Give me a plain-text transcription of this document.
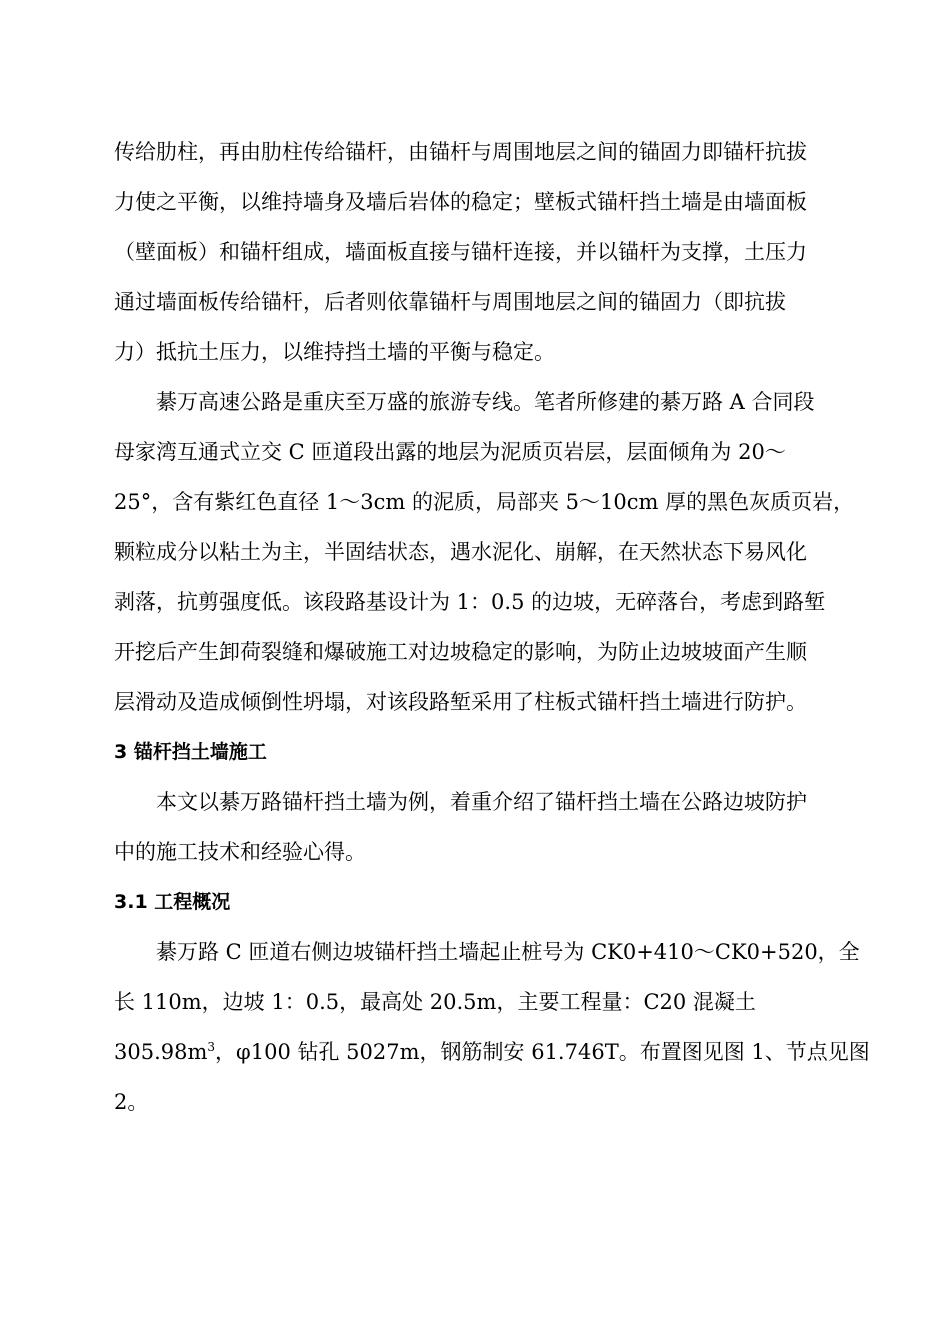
传给肋柱，再由肋柱传给锚杆，由锚杆与周围地层之间的锚固力即锚杆抗拔
力使之平衡，以维持墙身及墙后岩体的稳定；壁板式锚杆挡土墙是由墙面板
（壁面板）和锚杆组成，墙面板直接与锚杆连接，并以锚杆为支撑，土压力
通过墙面板传给锚杆，后者则依靠锚杆与周围地层之间的锚固力（即抗拔
力）抵抗土压力，以维持挡土墙的平衡与稳定。
綦万高速公路是重庆至万盛的旅游专线。笔者所修建的綦万路 A 合同段
母家湾互通式立交 C 匝道段出露的地层为泥质页岩层，层面倾角为 20～
25°，含有紫红色直径 1～3cm 的泥质，局部夹 5～10cm 厚的黑色灰质页岩，
颗粒成分以粘土为主，半固结状态，遇水泥化、崩解，在天然状态下易风化
剥落，抗剪强度低。该段路基设计为 1：0.5 的边坡，无碎落台，考虑到路堑
开挖后产生卸荷裂缝和爆破施工对边坡稳定的影响，为防止边坡坡面产生顺
层滑动及造成倾倒性坍塌，对该段路堑采用了柱板式锚杆挡土墙进行防护。
3 锚杆挡土墙施工
本文以綦万路锚杆挡土墙为例，着重介绍了锚杆挡土墙在公路边坡防护
中的施工技术和经验心得。
3.1 工程概况
綦万路 C 匝道右侧边坡锚杆挡土墙起止桩号为 CK0+410～CK0+520，全
长 110m，边坡 1：0.5，最高处 20.5m，主要工程量：C20 混凝土
$305.98m^3$，φ100 钻孔 5027m，钢筋制安 61.746T。布置图见图 1、节点见图
2。
